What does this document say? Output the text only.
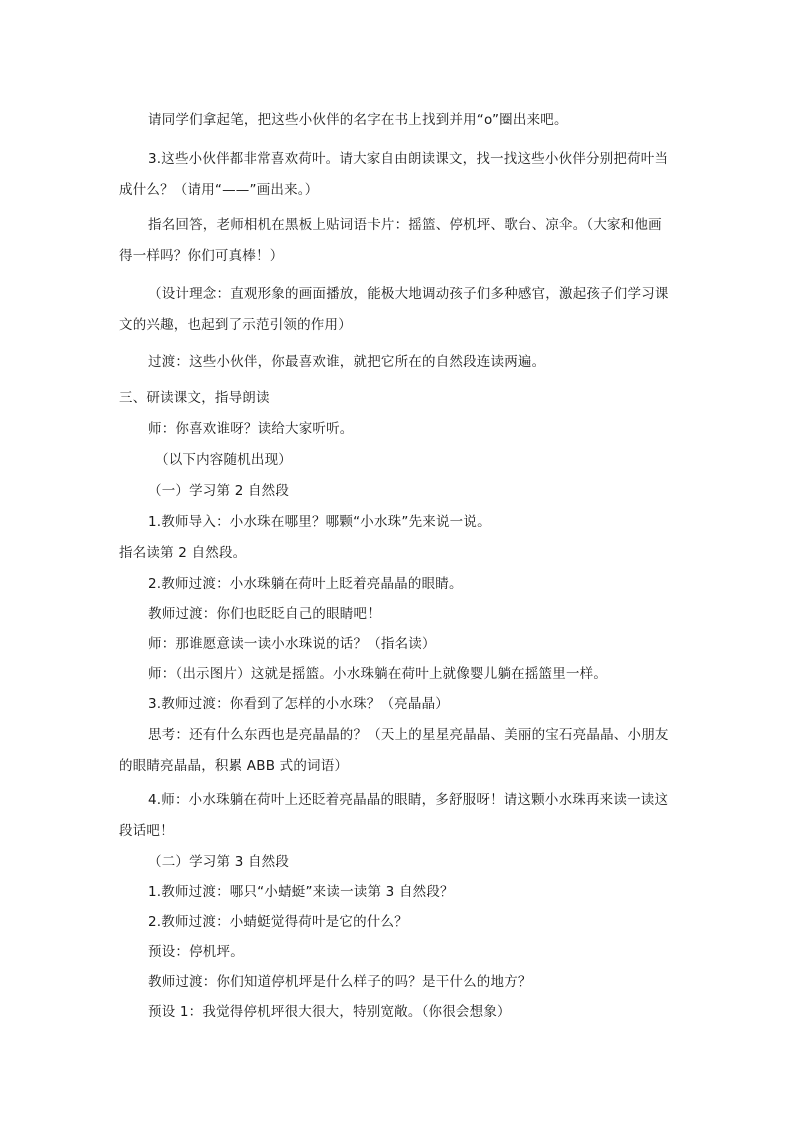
请同学们拿起笔，把这些小伙伴的名字在书上找到并用“o”圈出来吧。
3.这些小伙伴都非常喜欢荷叶。请大家自由朗读课文，找一找这些小伙伴分别把荷叶当
成什么？（请用“——”画出来。）
指名回答，老师相机在黑板上贴词语卡片：摇篮、停机坪、歌台、凉伞。（大家和他画
得一样吗？你们可真棒！）
（设计理念：直观形象的画面播放，能极大地调动孩子们多种感官，激起孩子们学习课
文的兴趣，也起到了示范引领的作用）
过渡：这些小伙伴，你最喜欢谁，就把它所在的自然段连读两遍。
三、研读课文，指导朗读
师：你喜欢谁呀？读给大家听听。
（以下内容随机出现）
（一）学习第 2 自然段
1.教师导入：小水珠在哪里？哪颗“小水珠”先来说一说。
指名读第 2 自然段。
2.教师过渡：小水珠躺在荷叶上眨着亮晶晶的眼睛。
教师过渡：你们也眨眨自己的眼睛吧！
师：那谁愿意读一读小水珠说的话？（指名读）
师：（出示图片）这就是摇篮。小水珠躺在荷叶上就像婴儿躺在摇篮里一样。
3.教师过渡：你看到了怎样的小水珠？（亮晶晶）
思考：还有什么东西也是亮晶晶的？（天上的星星亮晶晶、美丽的宝石亮晶晶、小朋友
的眼睛亮晶晶，积累 ABB 式的词语）
4.师：小水珠躺在荷叶上还眨着亮晶晶的眼睛，多舒服呀！请这颗小水珠再来读一读这
段话吧！
（二）学习第 3 自然段
1.教师过渡：哪只“小蜻蜓”来读一读第 3 自然段？
2.教师过渡：小蜻蜓觉得荷叶是它的什么？
预设：停机坪。
教师过渡：你们知道停机坪是什么样子的吗？是干什么的地方？
预设 1：我觉得停机坪很大很大，特别宽敞。（你很会想象）
